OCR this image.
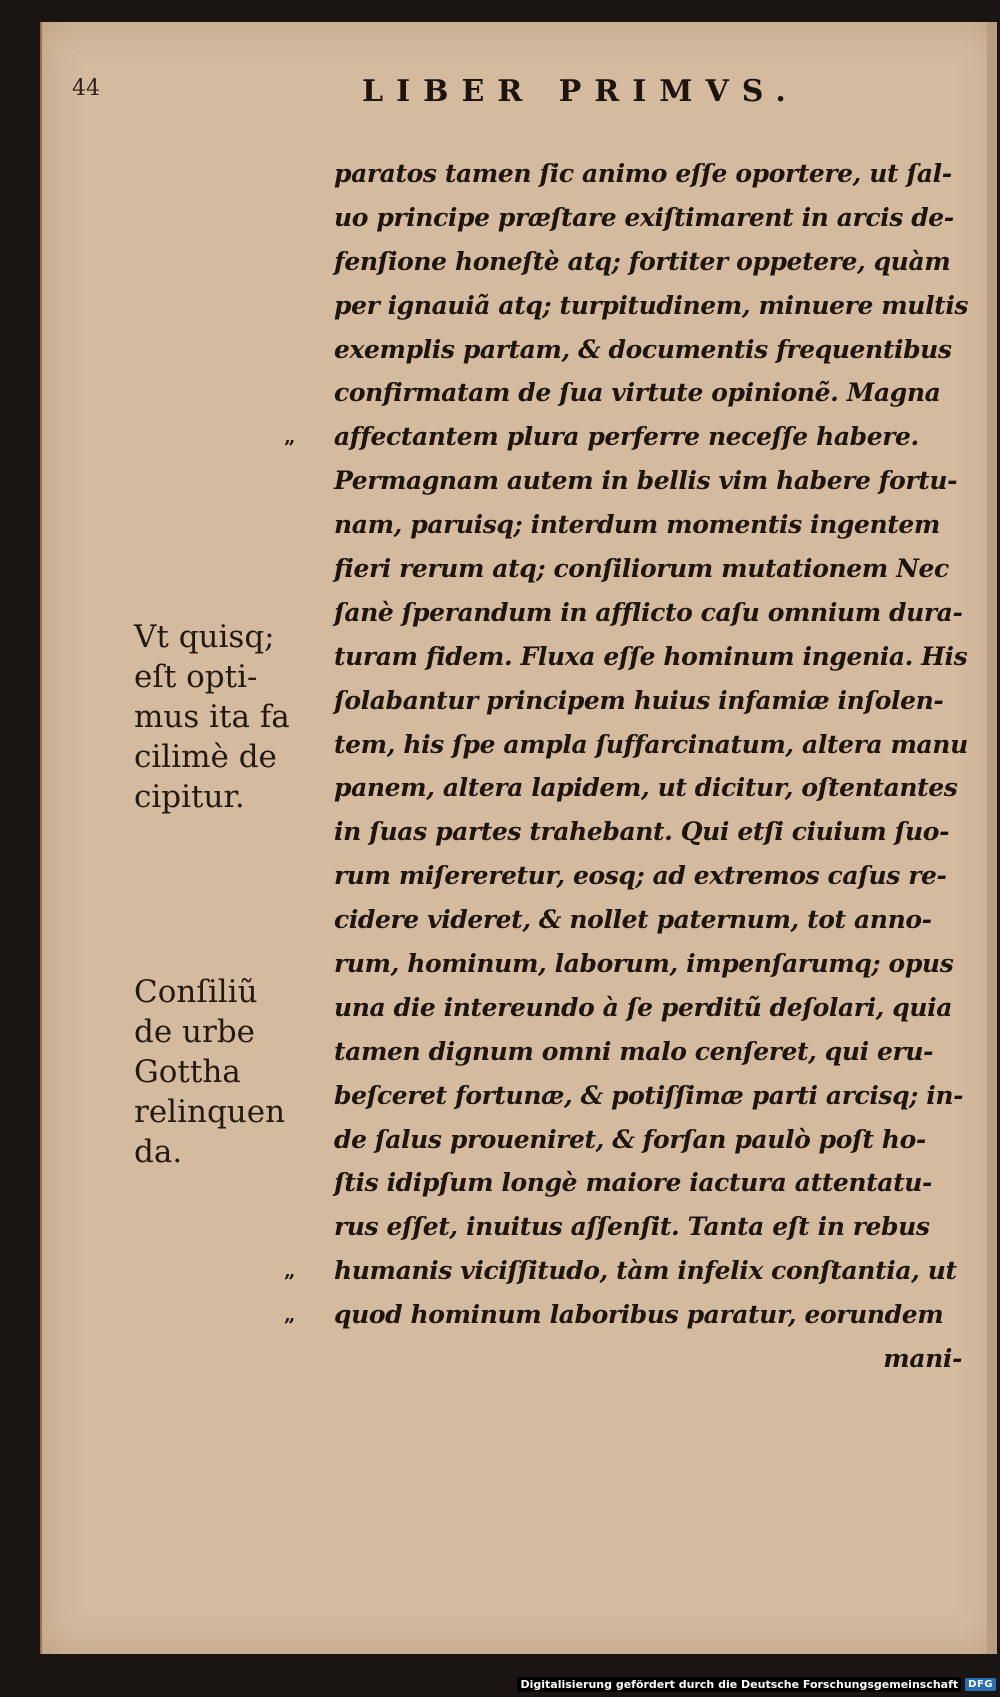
44	LIBER PRIMVS.
Vt quisq;
eſt opti-
mus ita fa
cilimè de
cipitur.
Conſiliũ
de urbe
Gottha
relinquen
da.
paratos tamen ſic animo eſſe oportere, ut ſal-
uo principe præſtare exiſtimarent in arcis de-
fenſione honeſtè atq; fortiter oppetere, quàm
per ignauiã atq; turpitudinem, minuere multis
exemplis partam, & documentis frequentibus
confirmatam de ſua virtute opinionẽ. Magna
„ affectantem plura perferre neceſſe habere.
Permagnam autem in bellis vim habere fortu-
nam, paruisq; interdum momentis ingentem
fieri rerum atq; conſiliorum mutationem Nec
ſanè ſperandum in afflicto caſu omnium dura-
turam fidem. Fluxa eſſe hominum ingenia. His
ſolabantur principem huius infamiæ inſolen-
tem, his ſpe ampla ſuffarcinatum, altera manu
panem, altera lapidem, ut dicitur, oſtentantes
in ſuas partes trahebant. Qui etſi ciuium ſuo-
rum miſereretur, eosq; ad extremos caſus re-
cidere videret, & nollet paternum, tot anno-
rum, hominum, laborum, impenſarumq; opus
una die intereundo à ſe perditũ deſolari, quia
tamen dignum omni malo cenſeret, qui eru-
beſceret fortunæ, & potiſſimæ parti arcisq; in-
de ſalus proueniret, & forſan paulò poſt ho-
ſtis idipſum longè maiore iactura attentatu-
rus eſſet, inuitus aſſenſit. Tanta eſt in rebus
„ humanis viciſſitudo, tàm infelix conſtantia, ut
„ quod hominum laboribus paratur, eorundem
mani-
Digitalisierung gefördert durch die Deutsche Forschungsgemeinschaft	DFG
